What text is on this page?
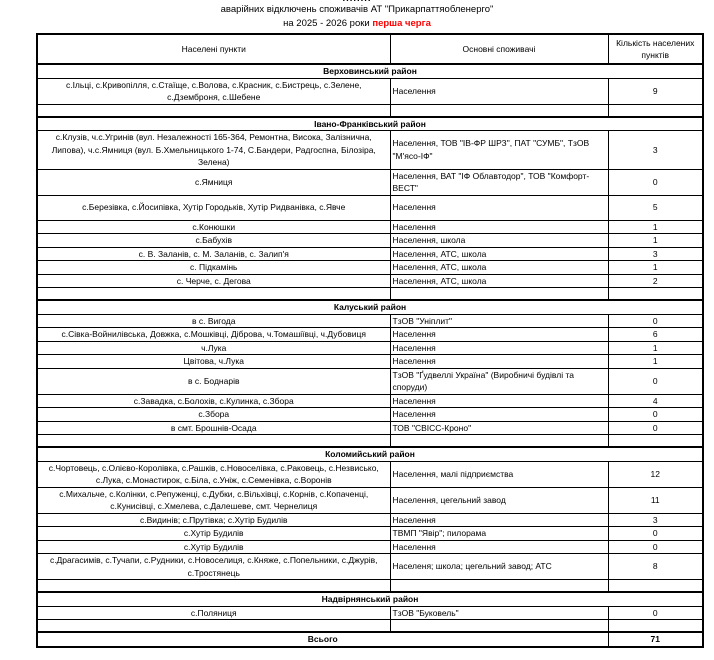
аварійних відключень споживачів АТ "Прикарпаттяобленерго"
на 2025 - 2026 роки перша черга
Населені пункти	Основні споживачі	Кількість населених пунктів
Верховинський район		
с.Ільці, с.Кривопілля, с.Стаїще, с.Волова, с.Красник, с.Бистрець, с.Зелене, с.Дземброня, с.Шебене	Населення	9

Івано-Франківський район		
с.Клузів, ч.с.Угринів (вул. Незалежності 165-364, Ремонтна, Висока, Залізнична, Липова), ч.с.Ямниця (вул. Б.Хмельницького 1-74, С.Бандери, Радгоспна, Білозіра, Зелена)	Населення, ТОВ "ІВ-ФР ШРЗ", ПАТ "СУМБ", ТзОВ "М'ясо-ІФ"	3
с.Ямниця	Населення, ВАТ "ІФ Облавтодор", ТОВ "Комфорт-ВЕСТ"	0
с.Березівка, с.Йосипівка, Хутір Городьків, Хутір Ридванівка, с.Явче	Населення	5
с.Конюшки	Населення	1
с.Бабухів	Населення, школа	1
с. В. Заланів, с. М. Заланів, с. Залип'я	Населення, АТС, школа	3
с. Підкамінь	Населення, АТС, школа	1
с. Черче, с. Дегова	Населення, АТС, школа	2

Калуський район		
в с. Вигода	ТзОВ "Уніплит"	0
с.Сівка-Войнилівська, Довжка, с.Мошківці, Діброва, ч.Томашіївці, ч.Дубовиця	Населення	6
ч.Лука	Населення	1
Цвітова, ч.Лука	Населення	1
в с. Боднарів	ТзОВ "Ґудвеллі Україна" (Виробничі будівлі та споруди)	0
с.Завадка, с.Болохів, с.Кулинка, с.Збора	Населення	4
с.Збора	Населення	0
в смт. Брошнів-Осада	ТОВ "СВІСС-Кроно"	0

Коломийський район		
с.Чортовець, с.Олієво-Королівка, с.Рашків, с.Новоселівка, с.Раковець, с.Незвисько, с.Лука, с.Монастирок, с.Біла, с.Уніж, с.Семенівка, с.Воронів	Населення, малі підприємства	12
с.Михальче, с.Колінки, с.Репуженці, с.Дубки, с.Вільхівці, с.Корнів, с.Копаченці, с.Кунисівці, с.Хмелева, с.Далешеве, смт. Чернелиця	Населення, цегельний завод	11
с.Видинів; с.Прутівка; с.Хутір Будилів	Населення	3
с.Хутір Будилів	ТВМП "Явір"; пилорама	0
с.Хутір Будилів	Населення	0
с.Драгасимів, с.Тучапи, с.Рудники, с.Новоселиця, с.Княже, с.Попельники, с.Джурів, с.Тростянець	Населеня; школа; цегельний завод; АТС	8

Надвірнянський район		
с.Поляниця	ТзОВ "Буковель"	0

Всього		71
